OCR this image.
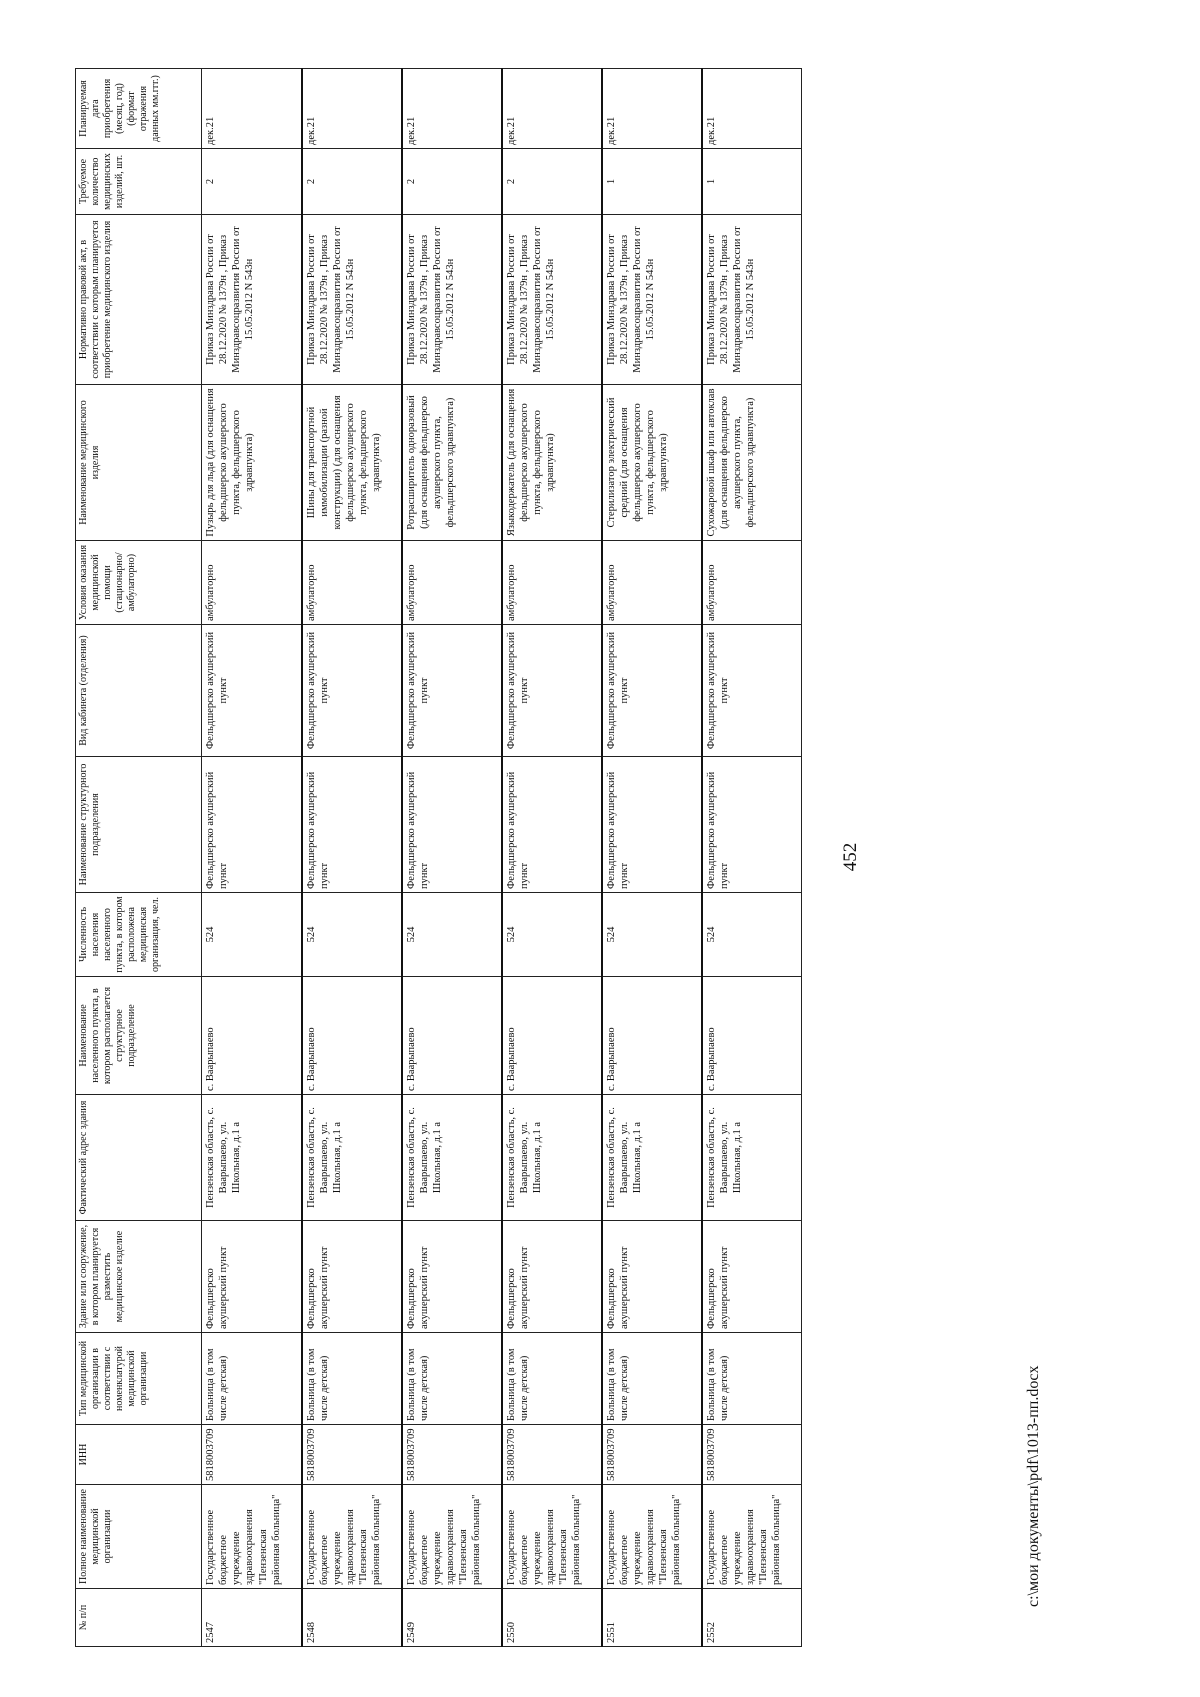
№ п/п	Полное наименование медицинской организации	ИНН	Тип медицинской организации в соответствии с номенклатурой медицинской организации	Здание или сооружение, в котором планируется разместить медицинское изделие	Фактический адрес здания	Наименование населенного пункта, в котором располагается структурное подразделение	Численность населения населенного пункта, в котором расположена медицинская организация, чел.	Наименование структурного подразделения	Вид кабинета (отделения)	Условия оказания медицинской помощи (стационарно/ амбулаторно)	Наименование медицинского изделия	Нормативно правовой акт, в соответствии с которым планируется приобретение медицинского изделия	Требуемое количество медицинских изделий, шт.	Планируемая дата приобретения (месяц, год) (формат отражения данных мм.ггг.)
2547	Государственное бюджетное учреждение здравоохранения "Пензенская районная больница"	5818003709	Больница (в том числе детская)	Фельдшерско акушерский пункт	Пензенская область, с. Ваарыпаево, ул. Школьная, д.1 а	с. Ваарыпаево	524	Фельдшерско акушерский пункт	Фельдшерско акушерский пункт	амбулаторно	Пузырь для льда (для оснащения фельдшерско акушерского пункта, фельдшерского здравпункта)	Приказ Минздрава России от 28.12.2020 № 1379н , Приказ Минздравсоцразвития России от 15.05.2012 N 543н	2	дек.21
2548	Государственное бюджетное учреждение здравоохранения "Пензенская районная больница"	5818003709	Больница (в том числе детская)	Фельдшерско акушерский пункт	Пензенская область, с. Ваарыпаево, ул. Школьная, д.1 а	с. Ваарыпаево	524	Фельдшерско акушерский пункт	Фельдшерско акушерский пункт	амбулаторно	Шины для транспортной иммобилизации (разной конструкции) (для оснащения фельдшерско акушерского пункта, фельдшерского здравпункта)	Приказ Минздрава России от 28.12.2020 № 1379н , Приказ Минздравсоцразвития России от 15.05.2012 N 543н	2	дек.21
2549	Государственное бюджетное учреждение здравоохранения "Пензенская районная больница"	5818003709	Больница (в том числе детская)	Фельдшерско акушерский пункт	Пензенская область, с. Ваарыпаево, ул. Школьная, д.1 а	с. Ваарыпаево	524	Фельдшерско акушерский пункт	Фельдшерско акушерский пункт	амбулаторно	Ротрасширитель одноразовый (для оснащения фельдшерско акушерского пункта, фельдшерского здравпункта)	Приказ Минздрава России от 28.12.2020 № 1379н , Приказ Минздравсоцразвития России от 15.05.2012 N 543н	2	дек.21
2550	Государственное бюджетное учреждение здравоохранения "Пензенская районная больница"	5818003709	Больница (в том числе детская)	Фельдшерско акушерский пункт	Пензенская область, с. Ваарыпаево, ул. Школьная, д.1 а	с. Ваарыпаево	524	Фельдшерско акушерский пункт	Фельдшерско акушерский пункт	амбулаторно	Языкодержатель (для оснащения фельдшерско акушерского пункта, фельдшерского здравпункта)	Приказ Минздрава России от 28.12.2020 № 1379н , Приказ Минздравсоцразвития России от 15.05.2012 N 543н	2	дек.21
2551	Государственное бюджетное учреждение здравоохранения "Пензенская районная больница"	5818003709	Больница (в том числе детская)	Фельдшерско акушерский пункт	Пензенская область, с. Ваарыпаево, ул. Школьная, д.1 а	с. Ваарыпаево	524	Фельдшерско акушерский пункт	Фельдшерско акушерский пункт	амбулаторно	Стерилизатор электрический средний (для оснащения фельдшерско акушерского пункта, фельдшерского здравпункта)	Приказ Минздрава России от 28.12.2020 № 1379н , Приказ Минздравсоцразвития России от 15.05.2012 N 543н	1	дек.21
2552	Государственное бюджетное учреждение здравоохранения "Пензенская районная больница"	5818003709	Больница (в том числе детская)	Фельдшерско акушерский пункт	Пензенская область, с. Ваарыпаево, ул. Школьная, д.1 а	с. Ваарыпаево	524	Фельдшерско акушерский пункт	Фельдшерско акушерский пункт	амбулаторно	Сухожаровой шкаф или автоклав (для оснащения фельдшерско акушерского пункта, фельдшерского здравпункта)	Приказ Минздрава России от 28.12.2020 № 1379н , Приказ Минздравсоцразвития России от 15.05.2012 N 543н	1	дек.21
452
c:\мои документы\pdf\1013-пп.docx
